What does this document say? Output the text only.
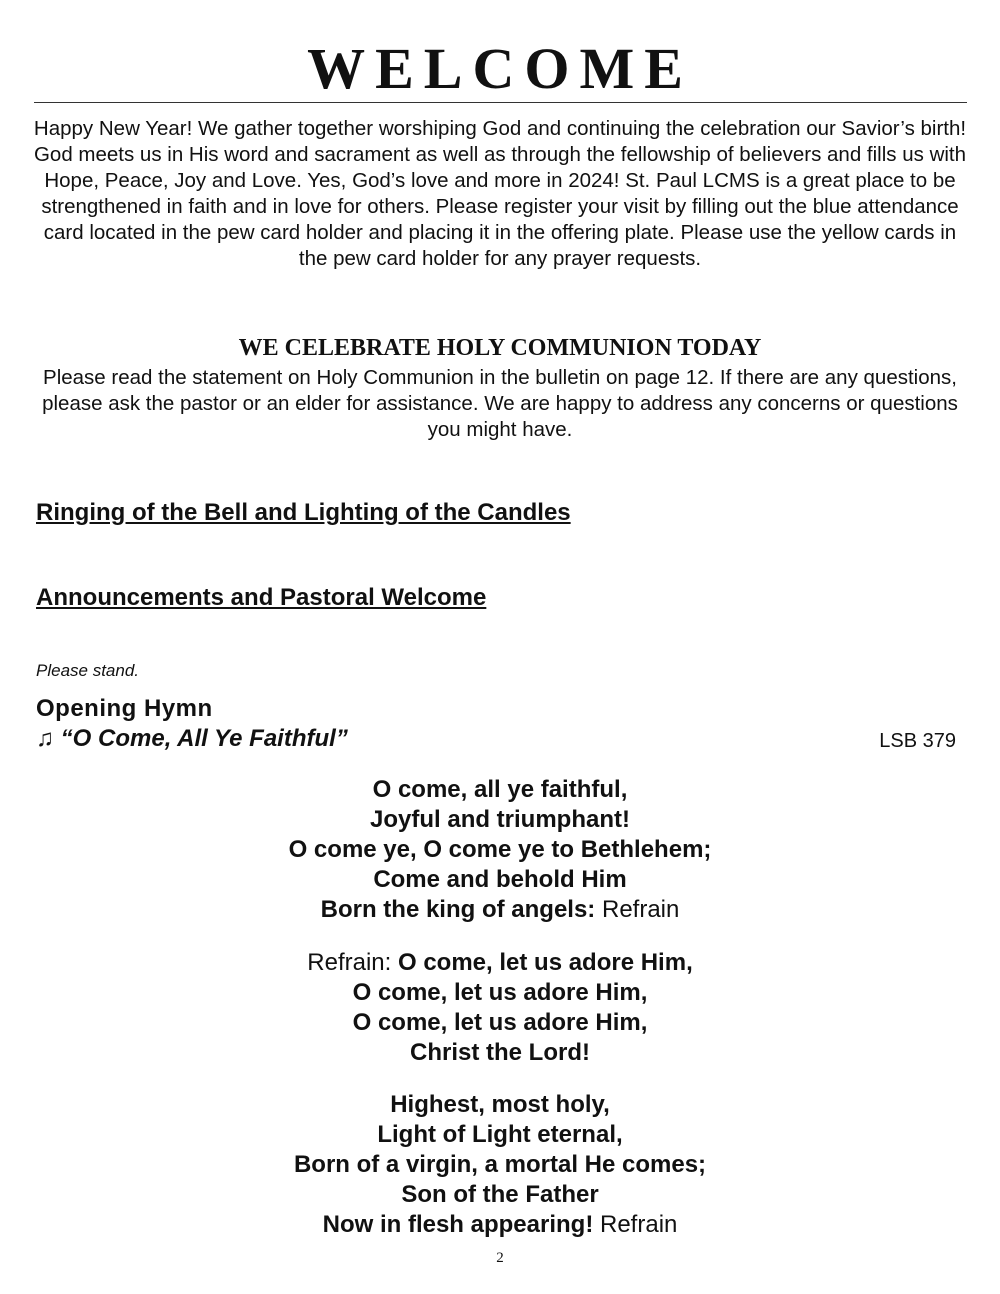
WELCOME
Happy New Year! We gather together worshiping God and continuing the celebration our Savior’s birth! God meets us in His word and sacrament as well as through the fellowship of believers and fills us with Hope, Peace, Joy and Love. Yes, God’s love and more in 2024! St. Paul LCMS is a great place to be strengthened in faith and in love for others. Please register your visit by filling out the blue attendance card located in the pew card holder and placing it in the offering plate. Please use the yellow cards in the pew card holder for any prayer requests.
WE CELEBRATE HOLY COMMUNION TODAY
Please read the statement on Holy Communion in the bulletin on page 12. If there are any questions, please ask the pastor or an elder for assistance. We are happy to address any concerns or questions you might have.
Ringing of the Bell and Lighting of the Candles
Announcements and Pastoral Welcome
Please stand.
Opening Hymn
♫ “O Come, All Ye Faithful”	LSB 379
O come, all ye faithful,
Joyful and triumphant!
O come ye, O come ye to Bethlehem;
Come and behold Him
Born the king of angels: Refrain
Refrain: O come, let us adore Him,
O come, let us adore Him,
O come, let us adore Him,
Christ the Lord!
Highest, most holy,
Light of Light eternal,
Born of a virgin, a mortal He comes;
Son of the Father
Now in flesh appearing! Refrain
2
